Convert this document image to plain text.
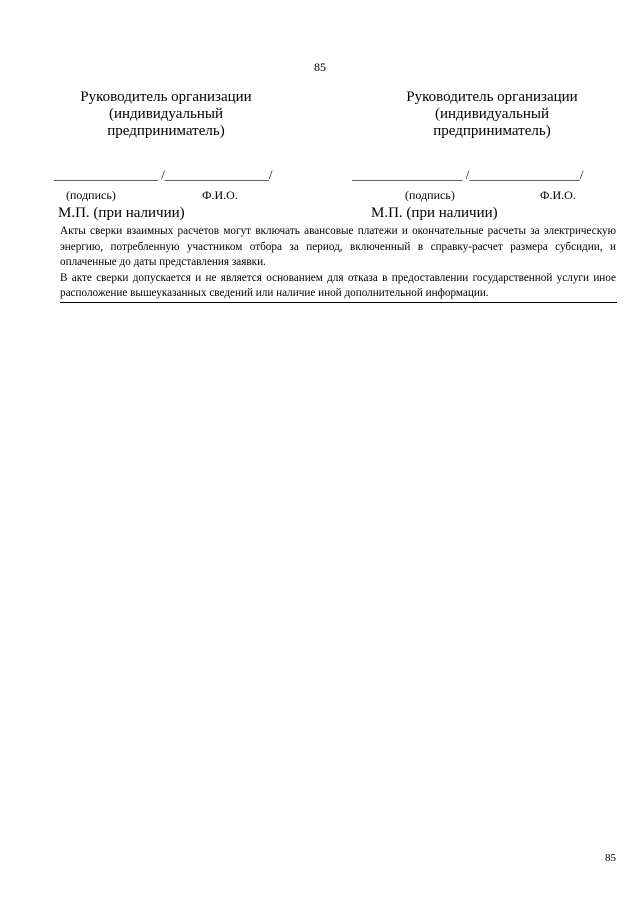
85
Руководитель организации
(индивидуальный
предприниматель)
________________ /________________/
(подпись)	Ф.И.О.
М.П. (при наличии)
Руководитель организации
(индивидуальный
предприниматель)
_________________ /_________________/
(подпись)	Ф.И.О.
М.П. (при наличии)

Акты сверки взаимных расчетов могут включать авансовые платежи и окончательные расчеты за электрическую энергию, потребленную участником отбора за период, включенный в справку-расчет размера субсидии, и оплаченные до даты представления заявки.

В акте сверки допускается и не является основанием для отказа в предоставлении государственной услуги иное расположение вышеуказанных сведений или наличие иной дополнительной информации.

85
